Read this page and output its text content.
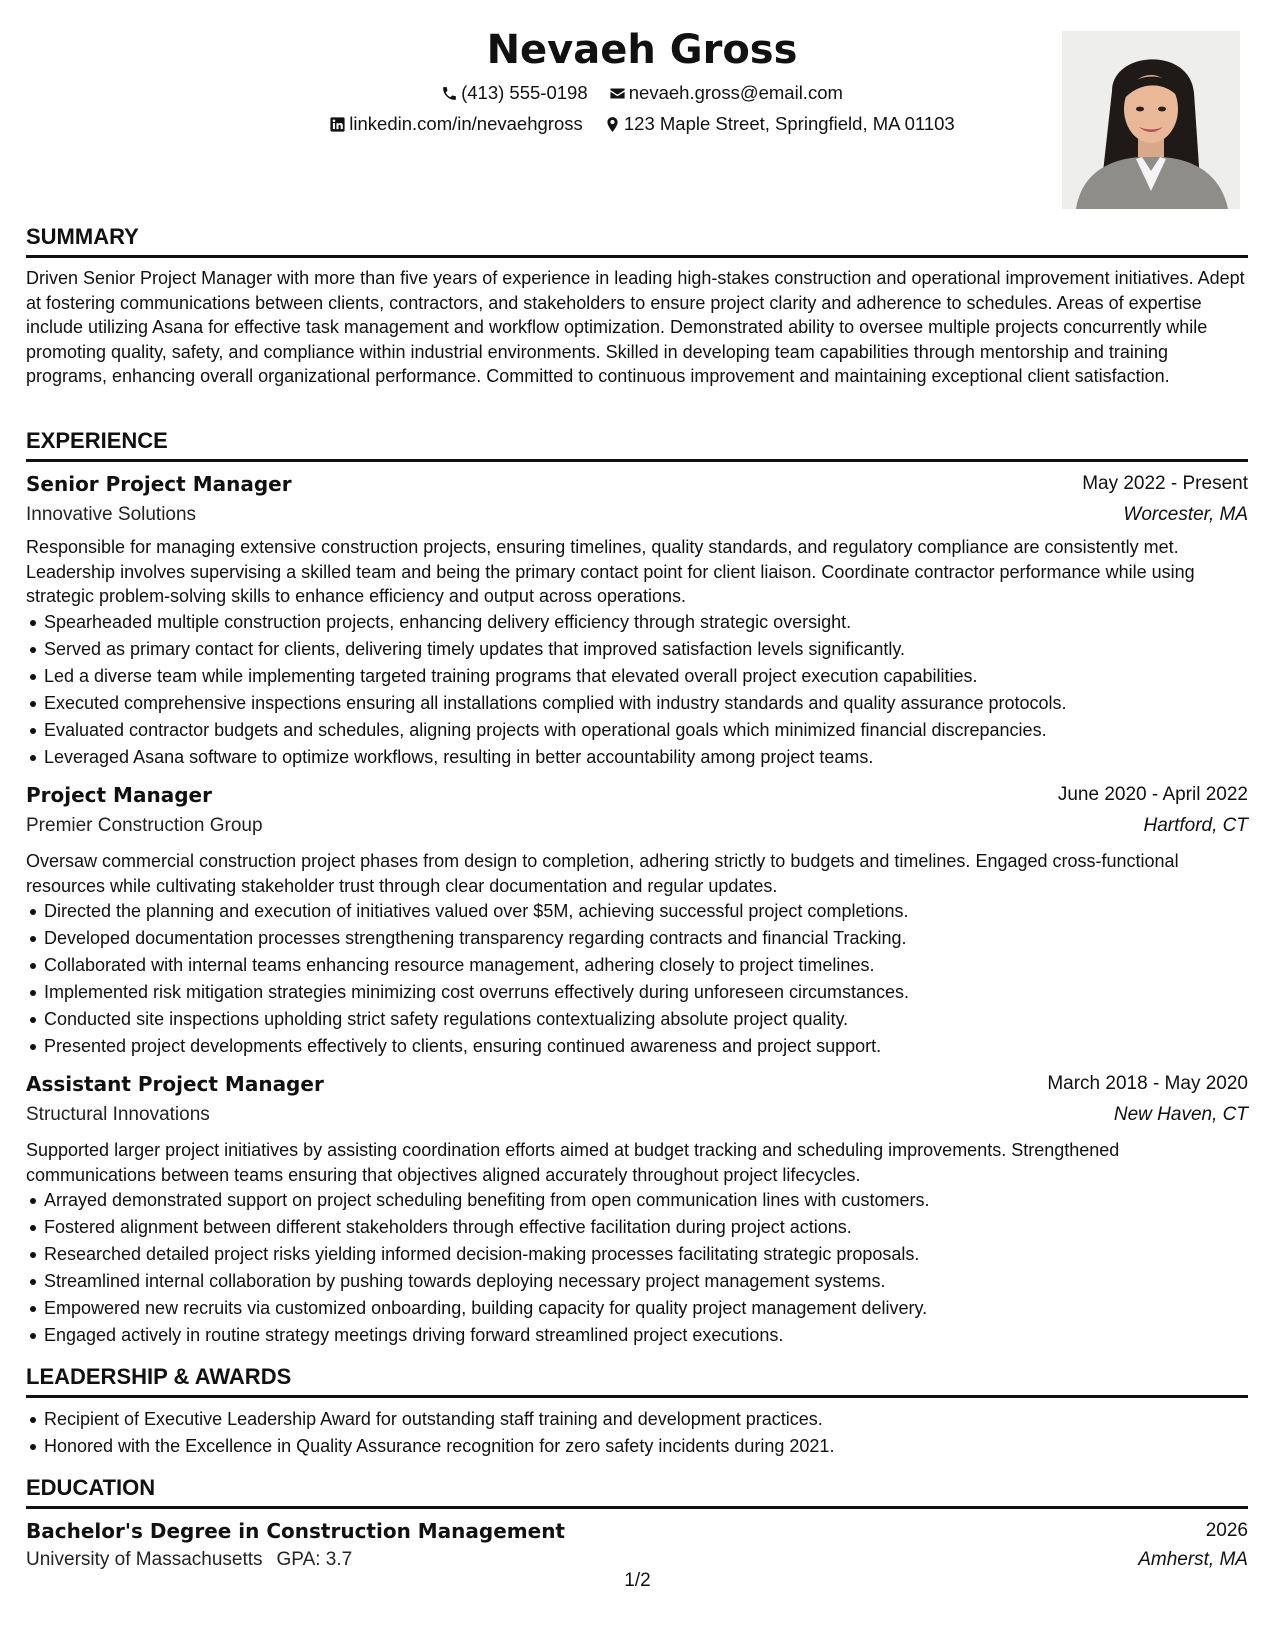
Nevaeh Gross
(413) 555-0198
nevaeh.gross@email.com
linkedin.com/in/nevaehgross
123 Maple Street, Springfield, MA 01103
SUMMARY

Driven Senior Project Manager with more than five years of experience in leading high-stakes construction and operational improvement initiatives. Adept at fostering communications between clients, contractors, and stakeholders to ensure project clarity and adherence to schedules. Areas of expertise include utilizing Asana for effective task management and workflow optimization. Demonstrated ability to oversee multiple projects concurrently while promoting quality, safety, and compliance within industrial environments. Skilled in developing team capabilities through mentorship and training programs, enhancing overall organizational performance. Committed to continuous improvement and maintaining exceptional client satisfaction.

EXPERIENCE
Senior Project Manager	May 2022 - Present
Innovative Solutions	Worcester, MA

Responsible for managing extensive construction projects, ensuring timelines, quality standards, and regulatory compliance are consistently met. Leadership involves supervising a skilled team and being the primary contact point for client liaison. Coordinate contractor performance while using strategic problem-solving skills to enhance efficiency and output across operations.

Spearheaded multiple construction projects, enhancing delivery efficiency through strategic oversight.
Served as primary contact for clients, delivering timely updates that improved satisfaction levels significantly.
Led a diverse team while implementing targeted training programs that elevated overall project execution capabilities.
Executed comprehensive inspections ensuring all installations complied with industry standards and quality assurance protocols.
Evaluated contractor budgets and schedules, aligning projects with operational goals which minimized financial discrepancies.
Leveraged Asana software to optimize workflows, resulting in better accountability among project teams.
Project Manager	June 2020 - April 2022
Premier Construction Group	Hartford, CT

Oversaw commercial construction project phases from design to completion, adhering strictly to budgets and timelines. Engaged cross-functional resources while cultivating stakeholder trust through clear documentation and regular updates.

Directed the planning and execution of initiatives valued over $5M, achieving successful project completions.
Developed documentation processes strengthening transparency regarding contracts and financial Tracking.
Collaborated with internal teams enhancing resource management, adhering closely to project timelines.
Implemented risk mitigation strategies minimizing cost overruns effectively during unforeseen circumstances.
Conducted site inspections upholding strict safety regulations contextualizing absolute project quality.
Presented project developments effectively to clients, ensuring continued awareness and project support.
Assistant Project Manager	March 2018 - May 2020
Structural Innovations	New Haven, CT

Supported larger project initiatives by assisting coordination efforts aimed at budget tracking and scheduling improvements. Strengthened communications between teams ensuring that objectives aligned accurately throughout project lifecycles.

Arrayed demonstrated support on project scheduling benefiting from open communication lines with customers.
Fostered alignment between different stakeholders through effective facilitation during project actions.
Researched detailed project risks yielding informed decision-making processes facilitating strategic proposals.
Streamlined internal collaboration by pushing towards deploying necessary project management systems.
Empowered new recruits via customized onboarding, building capacity for quality project management delivery.
Engaged actively in routine strategy meetings driving forward streamlined project executions.
LEADERSHIP & AWARDS
Recipient of Executive Leadership Award for outstanding staff training and development practices.
Honored with the Excellence in Quality Assurance recognition for zero safety incidents during 2021.
EDUCATION
Bachelor's Degree in Construction Management	2026
University of Massachusetts GPA: 3.7	Amherst, MA
1/2
